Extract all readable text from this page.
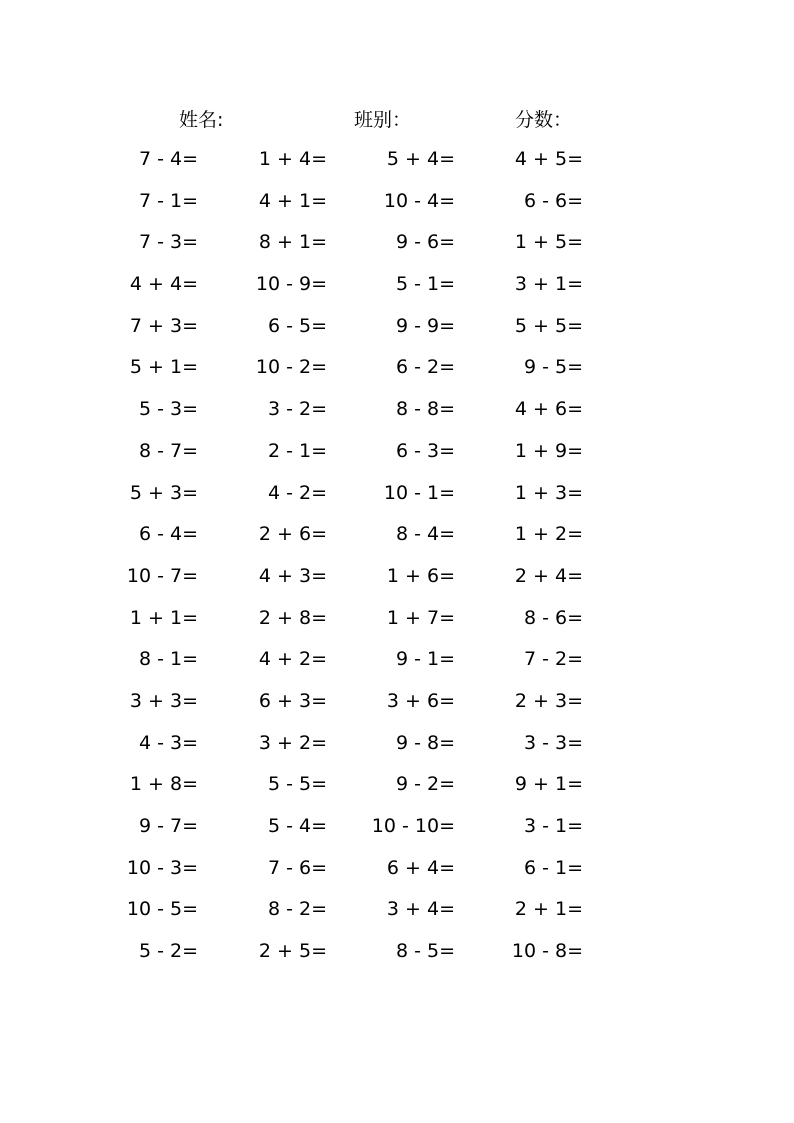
姓名:	班别：	分数：
7 - 4=	1 + 4=	5 + 4=	4 + 5=
7 - 1=	4 + 1=	10 - 4=	6 - 6=
7 - 3=	8 + 1=	9 - 6=	1 + 5=
4 + 4=	10 - 9=	5 - 1=	3 + 1=
7 + 3=	6 - 5=	9 - 9=	5 + 5=
5 + 1=	10 - 2=	6 - 2=	9 - 5=
5 - 3=	3 - 2=	8 - 8=	4 + 6=
8 - 7=	2 - 1=	6 - 3=	1 + 9=
5 + 3=	4 - 2=	10 - 1=	1 + 3=
6 - 4=	2 + 6=	8 - 4=	1 + 2=
10 - 7=	4 + 3=	1 + 6=	2 + 4=
1 + 1=	2 + 8=	1 + 7=	8 - 6=
8 - 1=	4 + 2=	9 - 1=	7 - 2=
3 + 3=	6 + 3=	3 + 6=	2 + 3=
4 - 3=	3 + 2=	9 - 8=	3 - 3=
1 + 8=	5 - 5=	9 - 2=	9 + 1=
9 - 7=	5 - 4=	10 - 10=	3 - 1=
10 - 3=	7 - 6=	6 + 4=	6 - 1=
10 - 5=	8 - 2=	3 + 4=	2 + 1=
5 - 2=	2 + 5=	8 - 5=	10 - 8=
